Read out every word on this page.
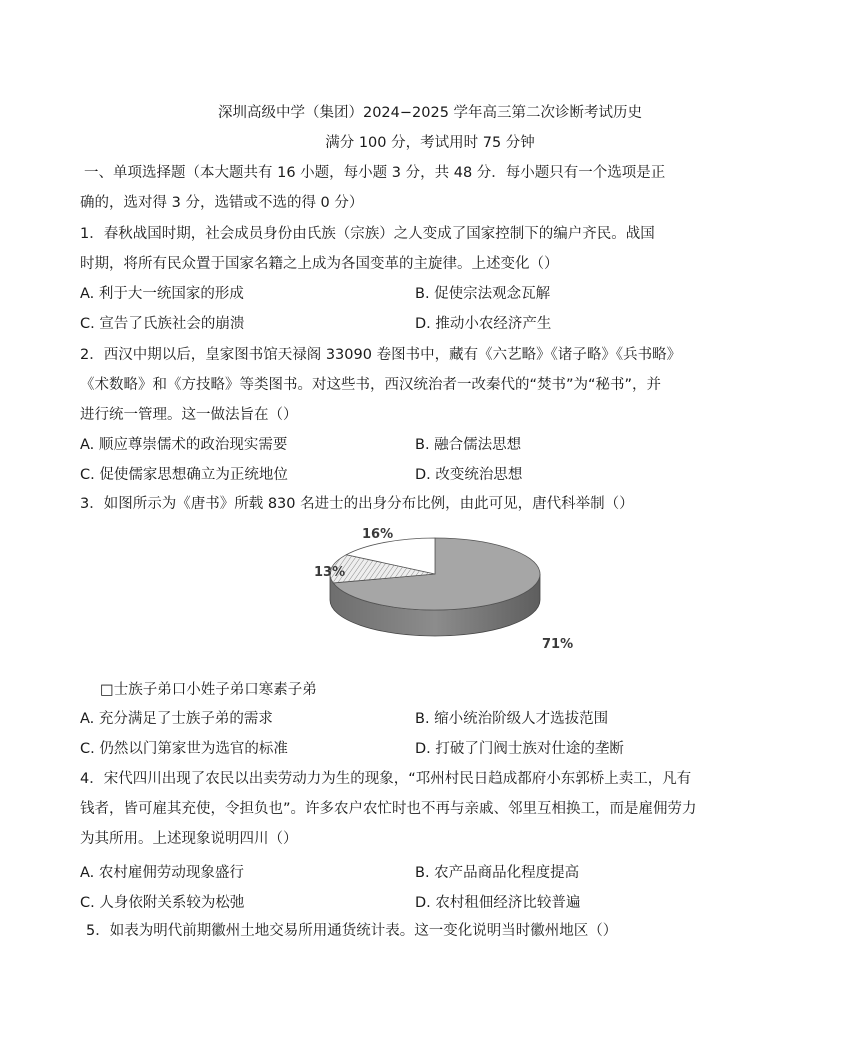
深圳高级中学（集团）2024−2025 学年高三第二次诊断考试历史
满分 100 分，考试用时 75 分钟
一、单项选择题（本大题共有 16 小题，每小题 3 分，共 48 分．每小题只有一个选项是正
确的，选对得 3 分，选错或不选的得 0 分）
1．春秋战国时期，社会成员身份由氏族（宗族）之人变成了国家控制下的编户齐民。战国
时期，将所有民众置于国家名籍之上成为各国变革的主旋律。上述变化（）
A. 利于大一统国家的形成	B. 促使宗法观念瓦解
C. 宣告了氏族社会的崩溃	D. 推动小农经济产生
2．西汉中期以后，皇家图书馆天禄阁 33090 卷图书中，藏有《六艺略》《诸子略》《兵书略》
《术数略》和《方技略》等类图书。对这些书，西汉统治者一改秦代的“焚书”为“秘书”，并
进行统一管理。这一做法旨在（）
A. 顺应尊崇儒术的政治现实需要	B. 融合儒法思想
C. 促使儒家思想确立为正统地位	D. 改变统治思想
3．如图所示为《唐书》所载 830 名进士的出身分布比例，由此可见，唐代科举制（）
71%
13%
16%
□士族子弟口小姓子弟口寒素子弟
A. 充分满足了士族子弟的需求	B. 缩小统治阶级人才选拔范围
C. 仍然以门第家世为选官的标准	D. 打破了门阀士族对仕途的垄断
4．宋代四川出现了农民以出卖劳动力为生的现象，“邛州村民日趋成都府小东郭桥上卖工，凡有
钱者，皆可雇其充使，令担负也”。许多农户农忙时也不再与亲戚、邻里互相换工，而是雇佣劳力
为其所用。上述现象说明四川（）
A. 农村雇佣劳动现象盛行	B. 农产品商品化程度提高
C. 人身依附关系较为松弛	D. 农村租佃经济比较普遍
5．如表为明代前期徽州土地交易所用通货统计表。这一变化说明当时徽州地区（）
